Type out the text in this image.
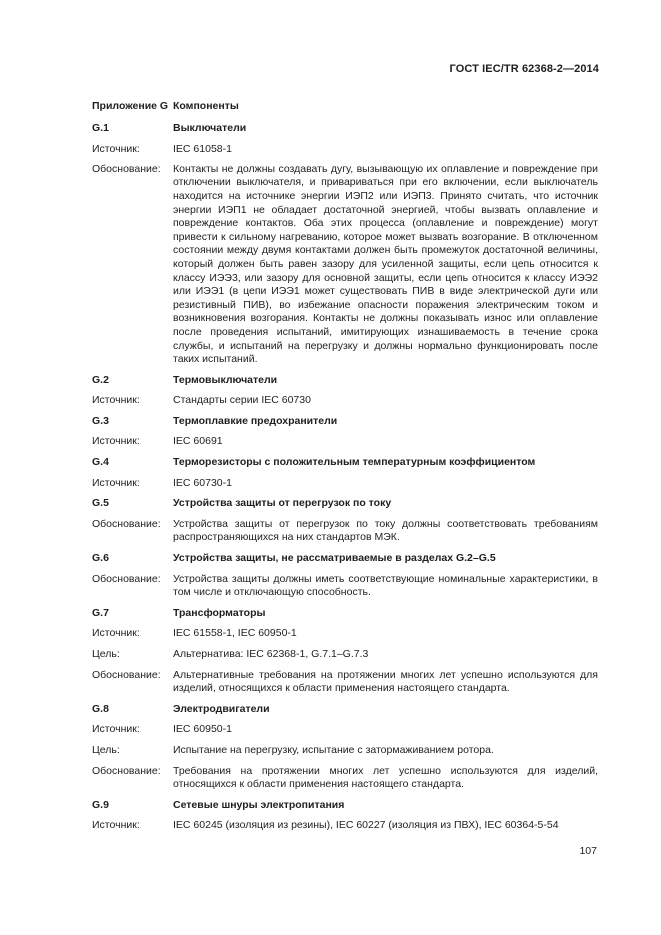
ГОСТ IEC/TR 62368-2—2014
Приложение G Компоненты
G.1	Выключатели
Источник:	IEC 61058-1
Обоснование:	Контакты не должны создавать дугу, вызывающую их оплавление и повреждение при отключении выключателя, и привариваться при его включении, если выключатель находится на источнике энергии ИЭП2 или ИЭП3. Принято считать, что источник энергии ИЭП1 не обладает достаточной энергией, чтобы вызвать оплавление и повреждение контактов. Оба этих процесса (оплавление и повреждение) могут привести к сильному нагреванию, которое может вызвать возгорание. В отключенном состоянии между двумя контактами должен быть промежуток достаточной величины, который должен быть равен зазору для усиленной защиты, если цепь относится к классу ИЭЭ3, или зазору для основной защиты, если цепь относится к классу ИЭЭ2 или ИЭЭ1 (в цепи ИЭЭ1 может существовать ПИВ в виде электрической дуги или резистивный ПИВ), во избежание опасности поражения электрическим током и возникновения возгорания. Контакты не должны показывать износ или оплавление после проведения испытаний, имитирующих изнашиваемость в течение срока службы, и испытаний на перегрузку и должны нормально функционировать после таких испытаний.
G.2	Термовыключатели
Источник:	Стандарты серии IEC 60730
G.3	Термоплавкие предохранители
Источник:	IEC 60691
G.4	Терморезисторы с положительным температурным коэффициентом
Источник:	IEC 60730-1
G.5	Устройства защиты от перегрузок по току
Обоснование:	Устройства защиты от перегрузок по току должны соответствовать требованиям распространяющихся на них стандартов МЭК.
G.6	Устройства защиты, не рассматриваемые в разделах G.2–G.5
Обоснование:	Устройства защиты должны иметь соответствующие номинальные характеристики, в том числе и отключающую способность.
G.7	Трансформаторы
Источник:	IEC 61558-1, IEC 60950-1
Цель:	Альтернатива: IEC 62368-1, G.7.1–G.7.3
Обоснование:	Альтернативные требования на протяжении многих лет успешно используются для изделий, относящихся к области применения настоящего стандарта.
G.8	Электродвигатели
Источник:	IEC 60950-1
Цель:	Испытание на перегрузку, испытание с затормаживанием ротора.
Обоснование:	Требования на протяжении многих лет успешно используются для изделий, относящихся к области применения настоящего стандарта.
G.9	Сетевые шнуры электропитания
Источник:	IEC 60245 (изоляция из резины), IEC 60227 (изоляция из ПВХ), IEC 60364-5-54
107
